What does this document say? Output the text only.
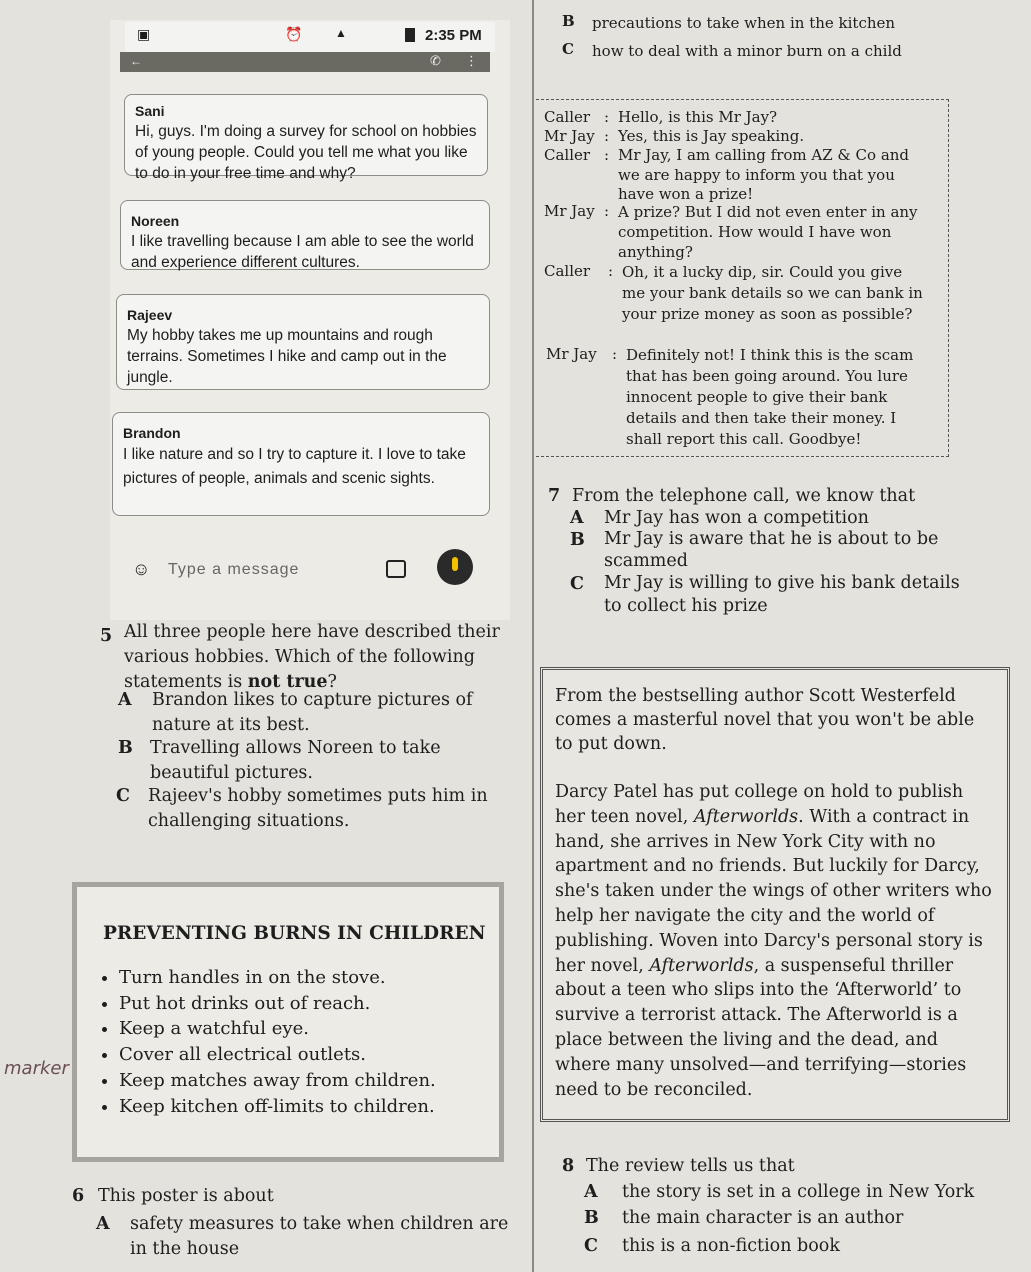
▣	⏰	▲	2:35 PM
←	✆ ⋮
Sani
Hi, guys. I'm doing a survey for school on hobbies of young people. Could you tell me what you like to do in your free time and why?
Noreen
I like travelling because I am able to see the world and experience different cultures.
Rajeev
My hobby takes me up mountains and rough terrains. Sometimes I hike and camp out in the jungle.
Brandon
I like nature and so I try to capture it. I love to take pictures of people, animals and scenic sights.
☺ Type a message
B precautions to take when in the kitchen
C how to deal with a minor burn on a child
Caller : Hello, is this Mr Jay?
Mr Jay : Yes, this is Jay speaking.
Caller : Mr Jay, I am calling from AZ & Co and we are happy to inform you that you have won a prize!
Mr Jay : A prize? But I did not even enter in any competition. How would I have won anything?
Caller	: Oh, it a lucky dip, sir. Could you give me your bank details so we can bank in your prize money as soon as possible?
Mr Jay	: Definitely not! I think this is the scam that has been going around. You lure innocent people to give their bank details and then take their money. I shall report this call. Goodbye!
7 From the telephone call, we know that
A Mr Jay has won a competition
B Mr Jay is aware that he is about to be scammed
C Mr Jay is willing to give his bank details to collect his prize
5 All three people here have described their various hobbies. Which of the following statements is not true?
A Brandon likes to capture pictures of nature at its best.
B Travelling allows Noreen to take beautiful pictures.
C Rajeev's hobby sometimes puts him in challenging situations.
From the bestselling author Scott Westerfeld comes a masterful novel that you won't be able to put down.
Darcy Patel has put college on hold to publish her teen novel, Afterworlds. With a contract in hand, she arrives in New York City with no apartment and no friends. But luckily for Darcy, she's taken under the wings of other writers who help her navigate the city and the world of publishing. Woven into Darcy's personal story is her novel, Afterworlds, a suspenseful thriller about a teen who slips into the ‘Afterworld’ to survive a terrorist attack. The Afterworld is a place between the living and the dead, and where many unsolved—and terrifying—stories need to be reconciled.
PREVENTING BURNS IN CHILDREN
• Turn handles in on the stove.
• Put hot drinks out of reach.
• Keep a watchful eye.
• Cover all electrical outlets.
• Keep matches away from children.
• Keep kitchen off-limits to children.
marker
6 This poster is about
A safety measures to take when children are in the house
8 The review tells us that
A the story is set in a college in New York
B the main character is an author
C this is a non-fiction book
